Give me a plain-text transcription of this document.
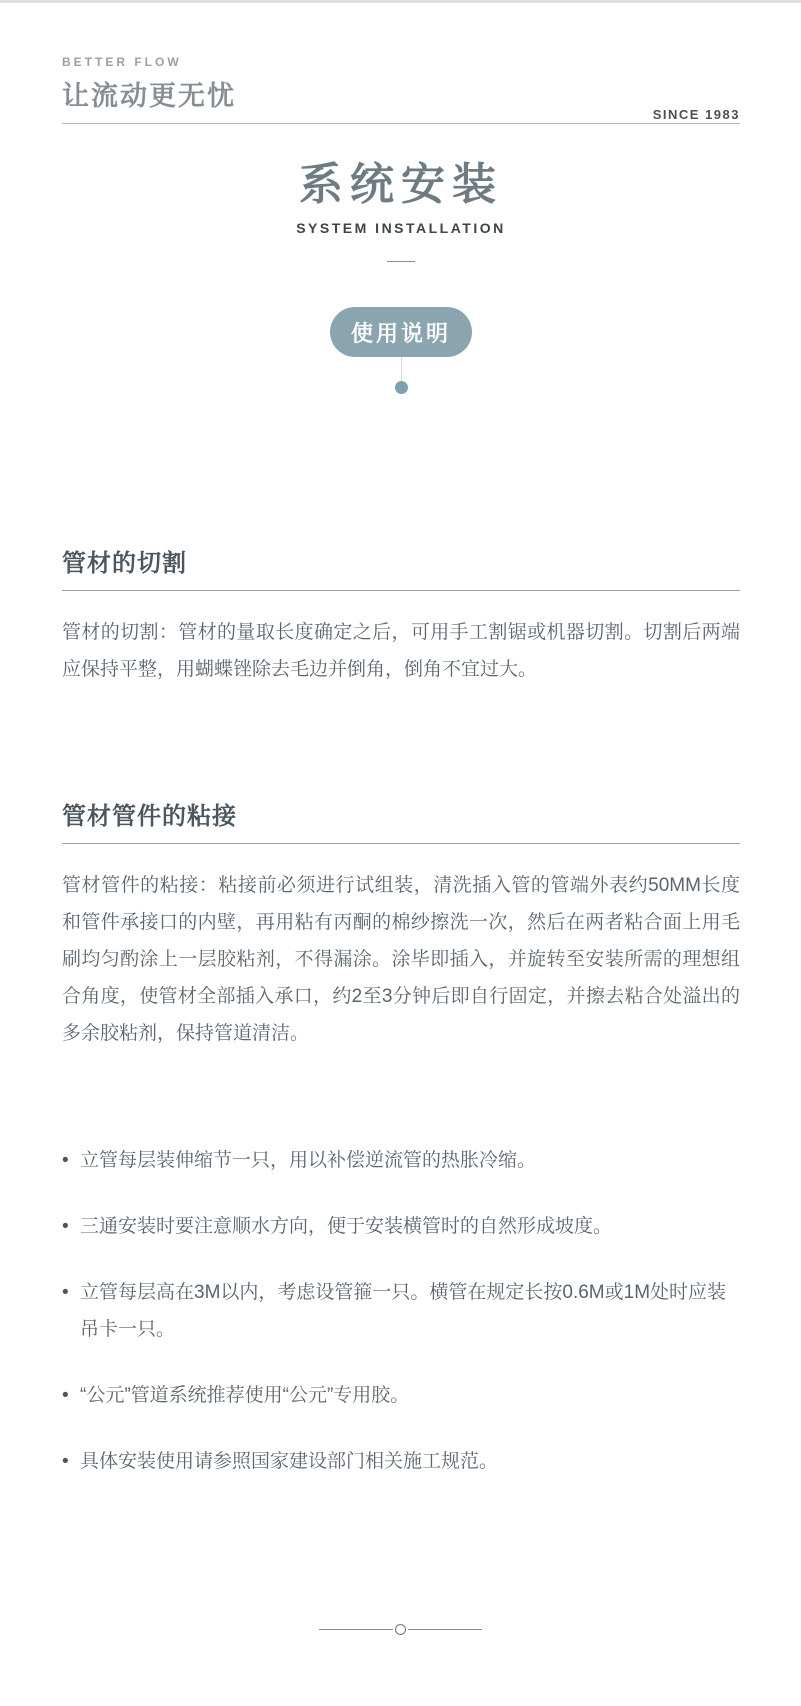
BETTER FLOW
让流动更无忧
SINCE 1983
系统安装
SYSTEM INSTALLATION
使用说明
管材的切割

管材的切割：管材的量取长度确定之后，可用手工割锯或机器切割。切割后两端应保持平整，用蝴蝶锉除去毛边并倒角，倒角不宜过大。

管材管件的粘接

管材管件的粘接：粘接前必须进行试组装，清洗插入管的管端外表约50MM长度和管件承接口的内壁，再用粘有丙酮的棉纱擦洗一次，然后在两者粘合面上用毛刷均匀酌涂上一层胶粘剂，不得漏涂。涂毕即插入，并旋转至安装所需的理想组合角度，使管材全部插入承口，约2至3分钟后即自行固定，并擦去粘合处溢出的多余胶粘剂，保持管道清洁。

• 立管每层装伸缩节一只，用以补偿逆流管的热胀冷缩。
• 三通安装时要注意顺水方向，便于安装横管时的自然形成坡度。
• 立管每层高在3M以内，考虑设管箍一只。横管在规定长按0.6M或1M处时应装吊卡一只。
• “公元”管道系统推荐使用“公元”专用胶。
• 具体安装使用请参照国家建设部门相关施工规范。
